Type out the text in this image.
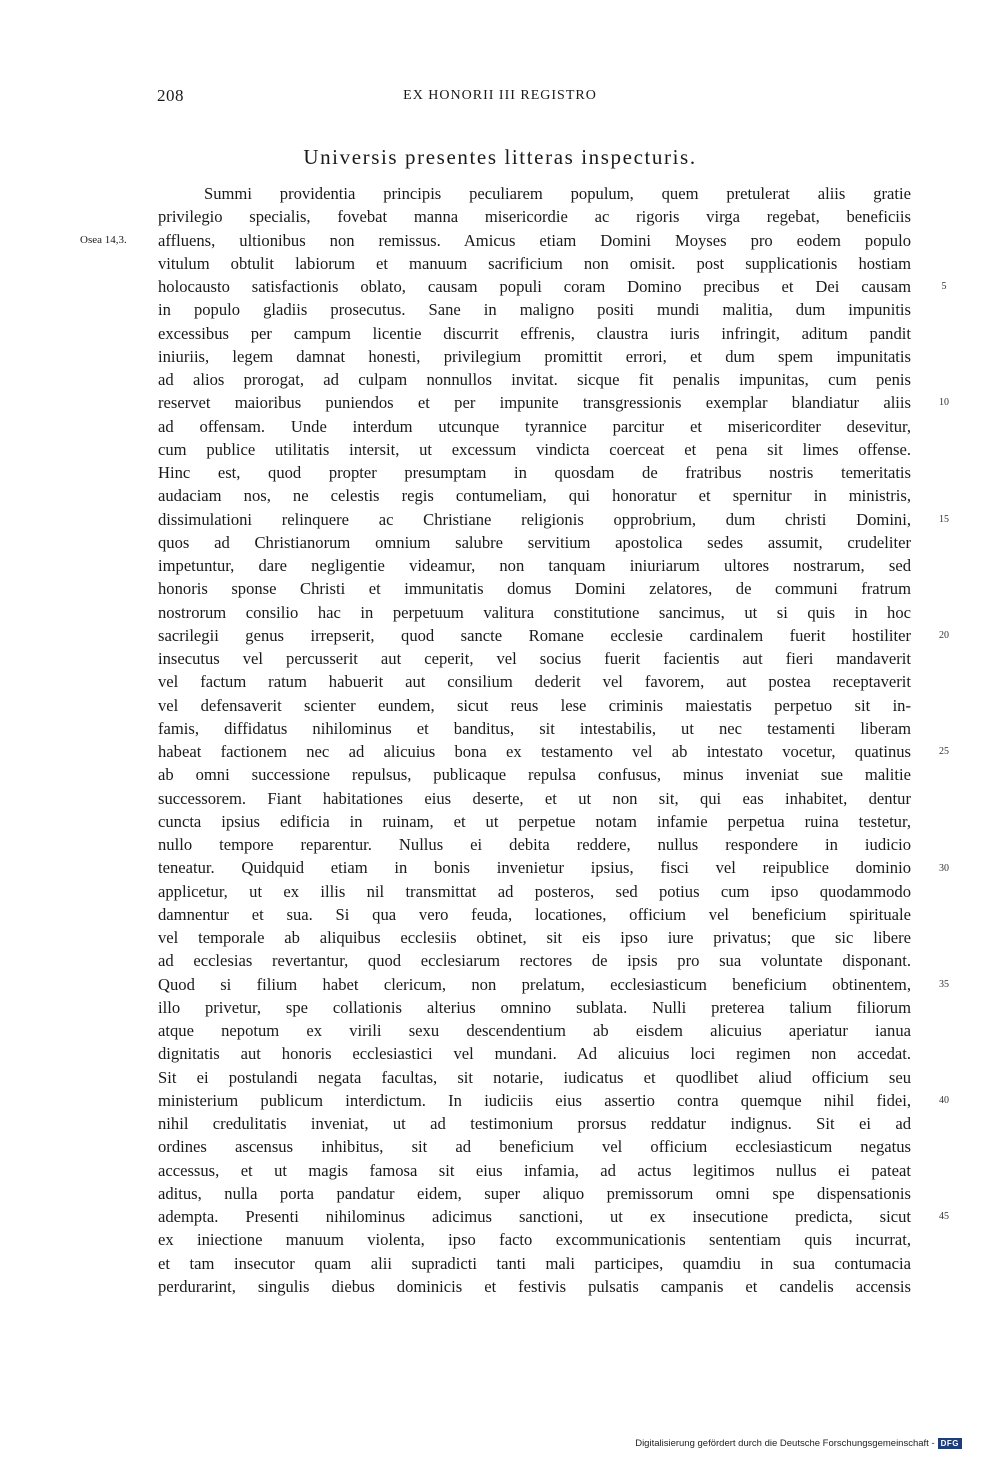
208	EX HONORII III REGISTRO
Universis presentes litteras inspecturis.
Summi providentia principis peculiarem populum, quem pretulerat aliis gratie
privilegio specialis, fovebat manna misericordie ac rigoris virga regebat, beneficiis
affluens, ultionibus non remissus. Amicus etiam Domini Moyses pro eodem populo
vitulum obtulit labiorum et manuum sacrificium non omisit. post supplicationis hostiam
holocausto satisfactionis oblato, causam populi coram Domino precibus et Dei causam
in populo gladiis prosecutus. Sane in maligno positi mundi malitia, dum impunitis
excessibus per campum licentie discurrit effrenis, claustra iuris infringit, aditum pandit
iniuriis, legem damnat honesti, privilegium promittit errori, et dum spem impunitatis
ad alios prorogat, ad culpam nonnullos invitat. sicque fit penalis impunitas, cum penis
reservet maioribus puniendos et per impunite transgressionis exemplar blandiatur aliis
ad offensam. Unde interdum utcunque tyrannice parcitur et misericorditer desevitur,
cum publice utilitatis intersit, ut excessum vindicta coerceat et pena sit limes offense.
Hinc est, quod propter presumptam in quosdam de fratribus nostris temeritatis
audaciam nos, ne celestis regis contumeliam, qui honoratur et spernitur in ministris,
dissimulationi relinquere ac Christiane religionis opprobrium, dum christi Domini,
quos ad Christianorum omnium salubre servitium apostolica sedes assumit, crudeliter
impetuntur, dare negligentie videamur, non tanquam iniuriarum ultores nostrarum, sed
honoris sponse Christi et immunitatis domus Domini zelatores, de communi fratrum
nostrorum consilio hac in perpetuum valitura constitutione sancimus, ut si quis in hoc
sacrilegii genus irrepserit, quod sancte Romane ecclesie cardinalem fuerit hostiliter
insecutus vel percusserit aut ceperit, vel socius fuerit facientis aut fieri mandaverit
vel factum ratum habuerit aut consilium dederit vel favorem, aut postea receptaverit
vel defensaverit scienter eundem, sicut reus lese criminis maiestatis perpetuo sit in-
famis, diffidatus nihilominus et banditus, sit intestabilis, ut nec testamenti liberam
habeat factionem nec ad alicuius bona ex testamento vel ab intestato vocetur, quatinus
ab omni successione repulsus, publicaque repulsa confusus, minus inveniat sue malitie
successorem. Fiant habitationes eius deserte, et ut non sit, qui eas inhabitet, dentur
cuncta ipsius edificia in ruinam, et ut perpetue notam infamie perpetua ruina testetur,
nullo tempore reparentur. Nullus ei debita reddere, nullus respondere in iudicio
teneatur. Quidquid etiam in bonis invenietur ipsius, fisci vel reipublice dominio
applicetur, ut ex illis nil transmittat ad posteros, sed potius cum ipso quodammodo
damnentur et sua. Si qua vero feuda, locationes, officium vel beneficium spirituale
vel temporale ab aliquibus ecclesiis obtinet, sit eis ipso iure privatus; que sic libere
ad ecclesias revertantur, quod ecclesiarum rectores de ipsis pro sua voluntate disponant.
Quod si filium habet clericum, non prelatum, ecclesiasticum beneficium obtinentem,
illo privetur, spe collationis alterius omnino sublata. Nulli preterea talium filiorum
atque nepotum ex virili sexu descendentium ab eisdem alicuius aperiatur ianua
dignitatis aut honoris ecclesiastici vel mundani. Ad alicuius loci regimen non accedat.
Sit ei postulandi negata facultas, sit notarie, iudicatus et quodlibet aliud officium seu
ministerium publicum interdictum. In iudiciis eius assertio contra quemque nihil fidei,
nihil credulitatis inveniat, ut ad testimonium prorsus reddatur indignus. Sit ei ad
ordines ascensus inhibitus, sit ad beneficium vel officium ecclesiasticum negatus
accessus, et ut magis famosa sit eius infamia, ad actus legitimos nullus ei pateat
aditus, nulla porta pandatur eidem, super aliquo premissorum omni spe dispensationis
adempta. Presenti nihilominus adicimus sanctioni, ut ex insecutione predicta, sicut
ex iniectione manuum violenta, ipso facto excommunicationis sententiam quis incurrat,
et tam insecutor quam alii supradicti tanti mali participes, quamdiu in sua contumacia
perdurarint, singulis diebus dominicis et festivis pulsatis campanis et candelis accensis
Osea 14,3.
5
10
15
20
25
30
35
40
45
Digitalisierung gefördert durch die Deutsche Forschungsgemeinschaft - DFG
